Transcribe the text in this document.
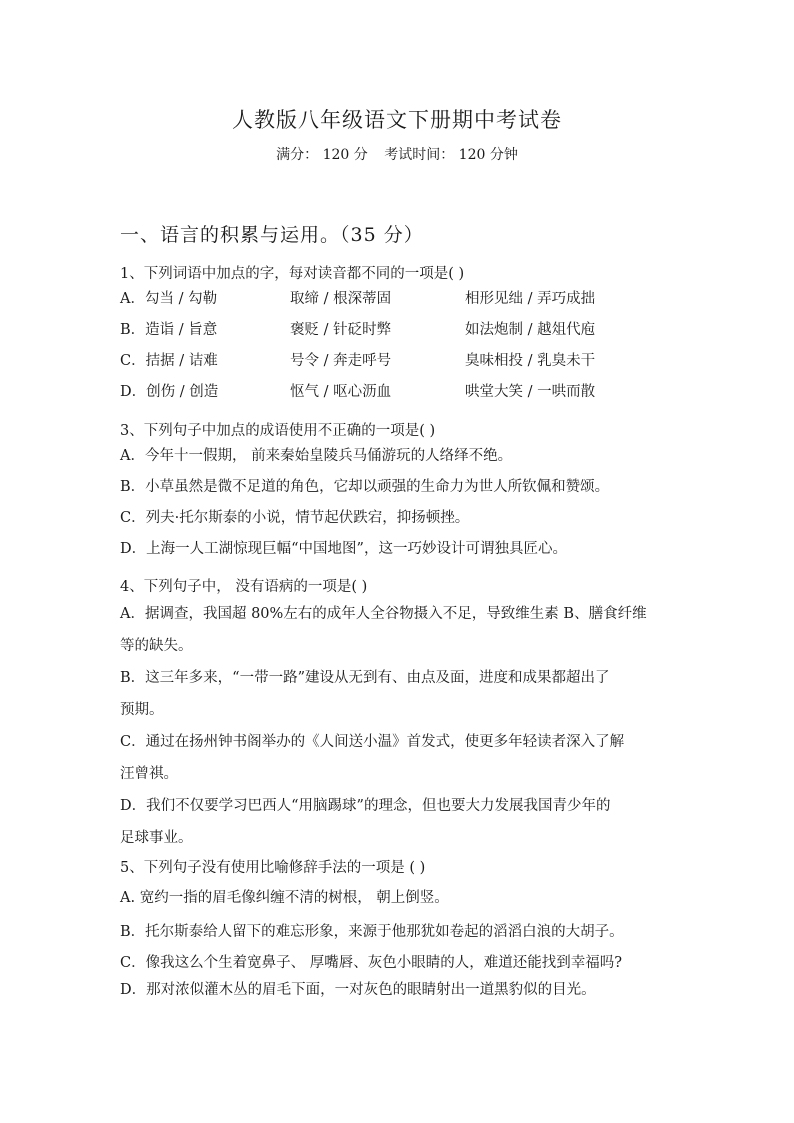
人教版八年级语文下册期中考试卷
满分： 120 分 考试时间： 120 分钟
一、语言的积累与运用。（35 分）
1、下列词语中加点的字，每对读音都不同的一项是( )
A．勾当 / 勾勒	取缔 / 根深蒂固	相形见绌 / 弄巧成拙
B．造诣 / 旨意	褒贬 / 针砭时弊	如法炮制 / 越俎代庖
C．拮据 / 诘难	号令 / 奔走呼号	臭味相投 / 乳臭未干
D．创伤 / 创造	怄气 / 呕心沥血	哄堂大笑 / 一哄而散
3、下列句子中加点的成语使用不正确的一项是( )
A．今年十一假期， 前来秦始皇陵兵马俑游玩的人络绎不绝。
B．小草虽然是微不足道的角色，它却以顽强的生命力为世人所钦佩和赞颂。
C．列夫·托尔斯泰的小说，情节起伏跌宕，抑扬顿挫。
D．上海一人工湖惊现巨幅“中国地图”，这一巧妙设计可谓独具匠心。
4、下列句子中， 没有语病的一项是( )
A．据调查，我国超 80%左右的成年人全谷物摄入不足，导致维生素 B、膳食纤维
等的缺失。
B．这三年多来，“一带一路”建设从无到有、由点及面，进度和成果都超出了
预期。
C．通过在扬州钟书阁举办的《人间送小温》首发式，使更多年轻读者深入了解
汪曾祺。
D．我们不仅要学习巴西人“用脑踢球”的理念，但也要大力发展我国青少年的
足球事业。
5、下列句子没有使用比喻修辞手法的一项是 ( )
A. 宽约一指的眉毛像纠缠不清的树根， 朝上倒竖。
B．托尔斯泰给人留下的难忘形象，来源于他那犹如卷起的滔滔白浪的大胡子。
C．像我这么个生着宽鼻子、 厚嘴唇、灰色小眼睛的人，难道还能找到幸福吗?
D．那对浓似灌木丛的眉毛下面，一对灰色的眼睛射出一道黑豹似的目光。
